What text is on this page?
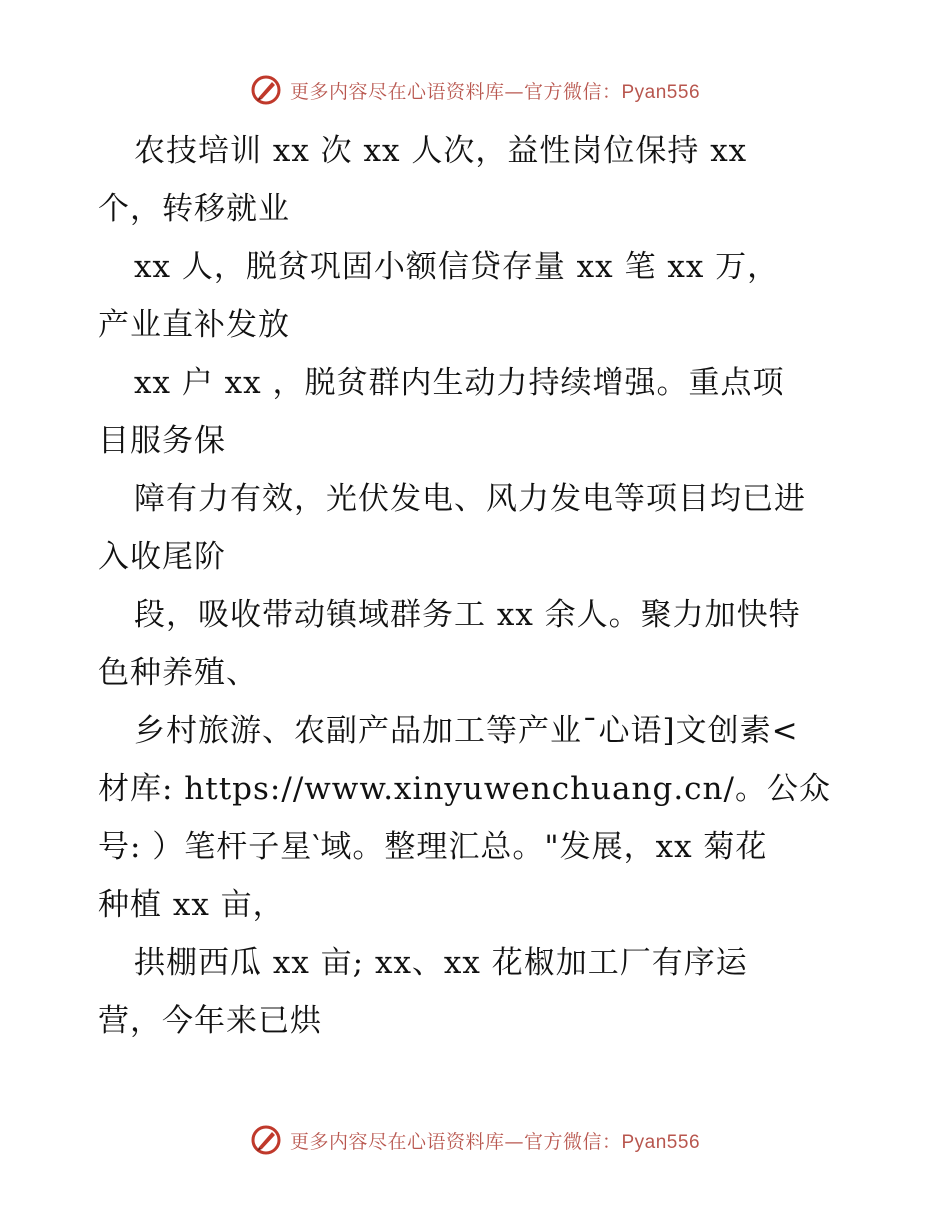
更多内容尽在心语资料库—官方微信：Pyan556
农技培训 xx 次 xx 人次，益性岗位保持 xx
个，转移就业
xx 人，脱贫巩固小额信贷存量 xx 笔 xx 万，
产业直补发放
xx 户 xx ，脱贫群内生动力持续增强。重点项
目服务保
障有力有效，光伏发电、风力发电等项目均已进
入收尾阶
段，吸收带动镇域群务工 xx 余人。聚力加快特
色种养殖、
乡村旅游、农副产品加工等产业¯心语]文创素<
材库: https://www.xinyuwenchuang.cn/。公众
号: ）笔杆子星‵域。整理汇总。"发展，xx 菊花
种植 xx 亩，
拱棚西瓜 xx 亩; xx、xx 花椒加工厂有序运
营，今年来已烘
更多内容尽在心语资料库—官方微信：Pyan556
